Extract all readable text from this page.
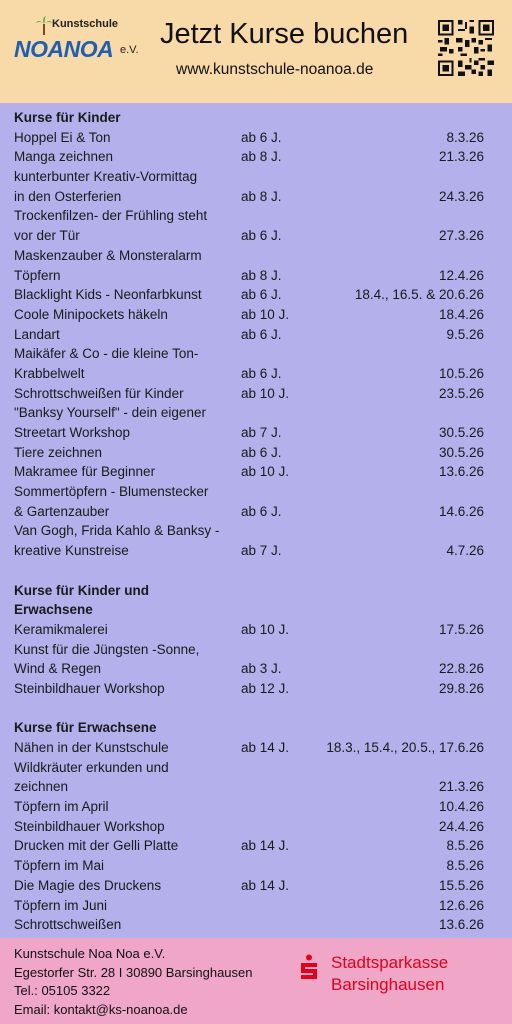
Kunstschule
NOANOA e.V. Jetzt Kurse buchen
www.kunstschule-noanoa.de
Kurse für Kinder
Hoppel Ei & Ton	ab 6 J.	8.3.26
Manga zeichnen	ab 8 J.	21.3.26
kunterbunter Kreativ-Vormittag
in den Osterferien	ab 8 J.	24.3.26
Trockenfilzen- der Frühling steht
vor der Tür	ab 6 J.	27.3.26
Maskenzauber & Monsteralarm
Töpfern	ab 8 J.	12.4.26
Blacklight Kids - Neonfarbkunst	ab 6 J.	18.4., 16.5. & 20.6.26
Coole Minipockets häkeln	ab 10 J.	18.4.26
Landart	ab 6 J.	9.5.26
Maikäfer & Co - die kleine Ton-
Krabbelwelt	ab 6 J.	10.5.26
Schrottschweißen für Kinder	ab 10 J.	23.5.26
"Banksy Yourself" - dein eigener
Streetart Workshop	ab 7 J.	30.5.26
Tiere zeichnen	ab 6 J.	30.5.26
Makramee für Beginner	ab 10 J.	13.6.26
Sommertöpfern - Blumenstecker
& Gartenzauber	ab 6 J.	14.6.26
Van Gogh, Frida Kahlo & Banksy -
kreative Kunstreise	ab 7 J.	4.7.26
Kurse für Kinder und
Erwachsene
Keramikmalerei	ab 10 J.	17.5.26
Kunst für die Jüngsten -Sonne,
Wind & Regen	ab 3 J.	22.8.26
Steinbildhauer Workshop	ab 12 J.	29.8.26
Kurse für Erwachsene
Nähen in der Kunstschule	ab 14 J.	18.3., 15.4., 20.5., 17.6.26
Wildkräuter erkunden und
zeichnen	21.3.26
Töpfern im April	10.4.26
Steinbildhauer Workshop	24.4.26
Drucken mit der Gelli Platte	ab 14 J.	8.5.26
Töpfern im Mai	8.5.26
Die Magie des Druckens	ab 14 J.	15.5.26
Töpfern im Juni	12.6.26
Schrottschweißen	13.6.26
Kunstschule Noa Noa e.V.
Egestorfer Str. 28 I 30890 Barsinghausen
Tel.: 05105 3322
Email: kontakt@ks-noanoa.de
Stadtsparkasse
Barsinghausen
